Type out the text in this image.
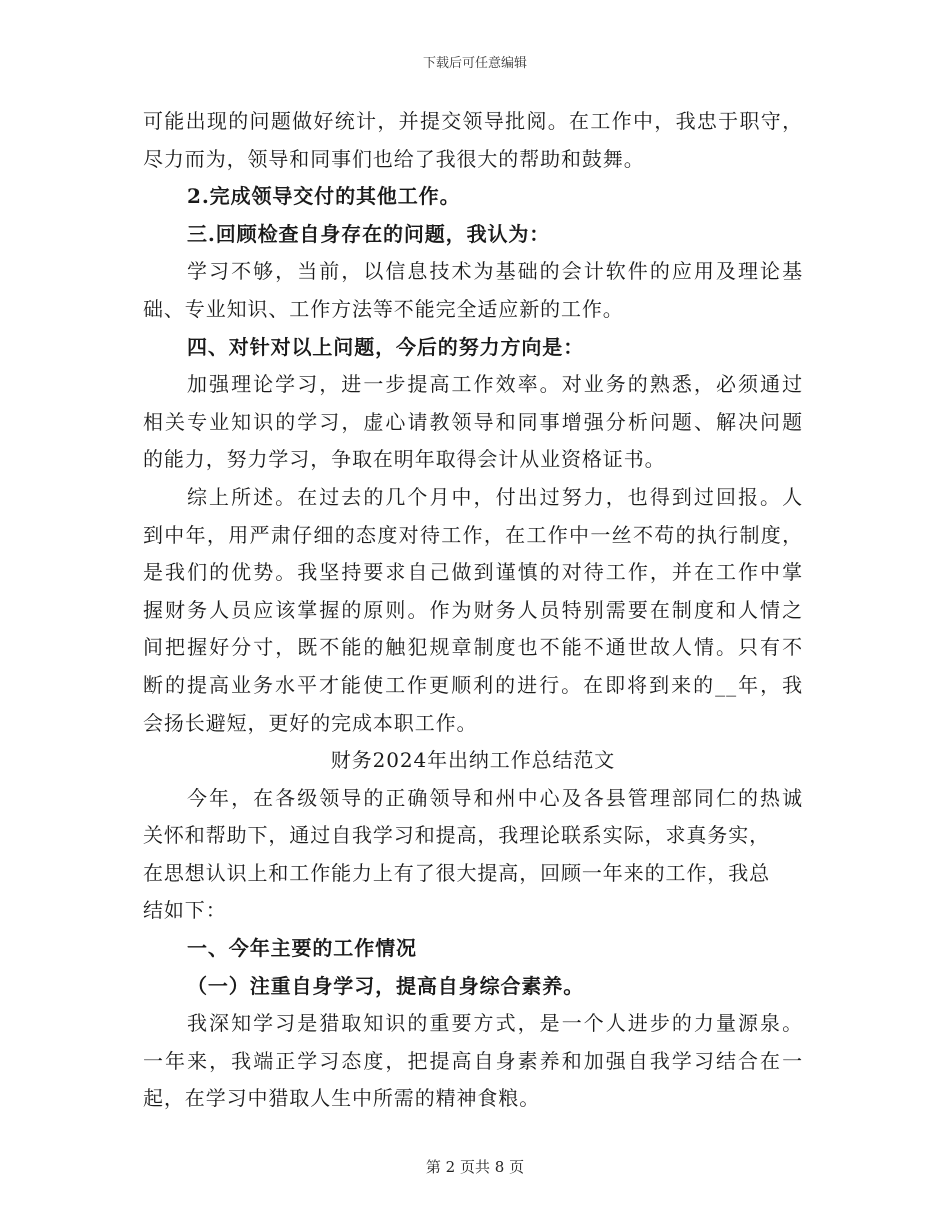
下载后可任意编辑
可能出现的问题做好统计，并提交领导批阅。在工作中，我忠于职守，
尽力而为，领导和同事们也给了我很大的帮助和鼓舞。
2.完成领导交付的其他工作。
三.回顾检查自身存在的问题，我认为：
学习不够，当前，以信息技术为基础的会计软件的应用及理论基
础、专业知识、工作方法等不能完全适应新的工作。
四、对针对以上问题，今后的努力方向是：
加强理论学习，进一步提高工作效率。对业务的熟悉，必须通过
相关专业知识的学习，虚心请教领导和同事增强分析问题、解决问题
的能力，努力学习，争取在明年取得会计从业资格证书。
综上所述。在过去的几个月中，付出过努力，也得到过回报。人
到中年，用严肃仔细的态度对待工作，在工作中一丝不苟的执行制度，
是我们的优势。我坚持要求自己做到谨慎的对待工作，并在工作中掌
握财务人员应该掌握的原则。作为财务人员特别需要在制度和人情之
间把握好分寸，既不能的触犯规章制度也不能不通世故人情。只有不
断的提高业务水平才能使工作更顺利的进行。在即将到来的__年，我
会扬长避短，更好的完成本职工作。
财务2024年出纳工作总结范文
今年，在各级领导的正确领导和州中心及各县管理部同仁的热诚
关怀和帮助下，通过自我学习和提高，我理论联系实际，求真务实，
在思想认识上和工作能力上有了很大提高，回顾一年来的工作，我总
结如下：
一、今年主要的工作情况
（一）注重自身学习，提高自身综合素养。
我深知学习是猎取知识的重要方式，是一个人进步的力量源泉。
一年来，我端正学习态度，把提高自身素养和加强自我学习结合在一
起，在学习中猎取人生中所需的精神食粮。
第 2 页共 8 页
